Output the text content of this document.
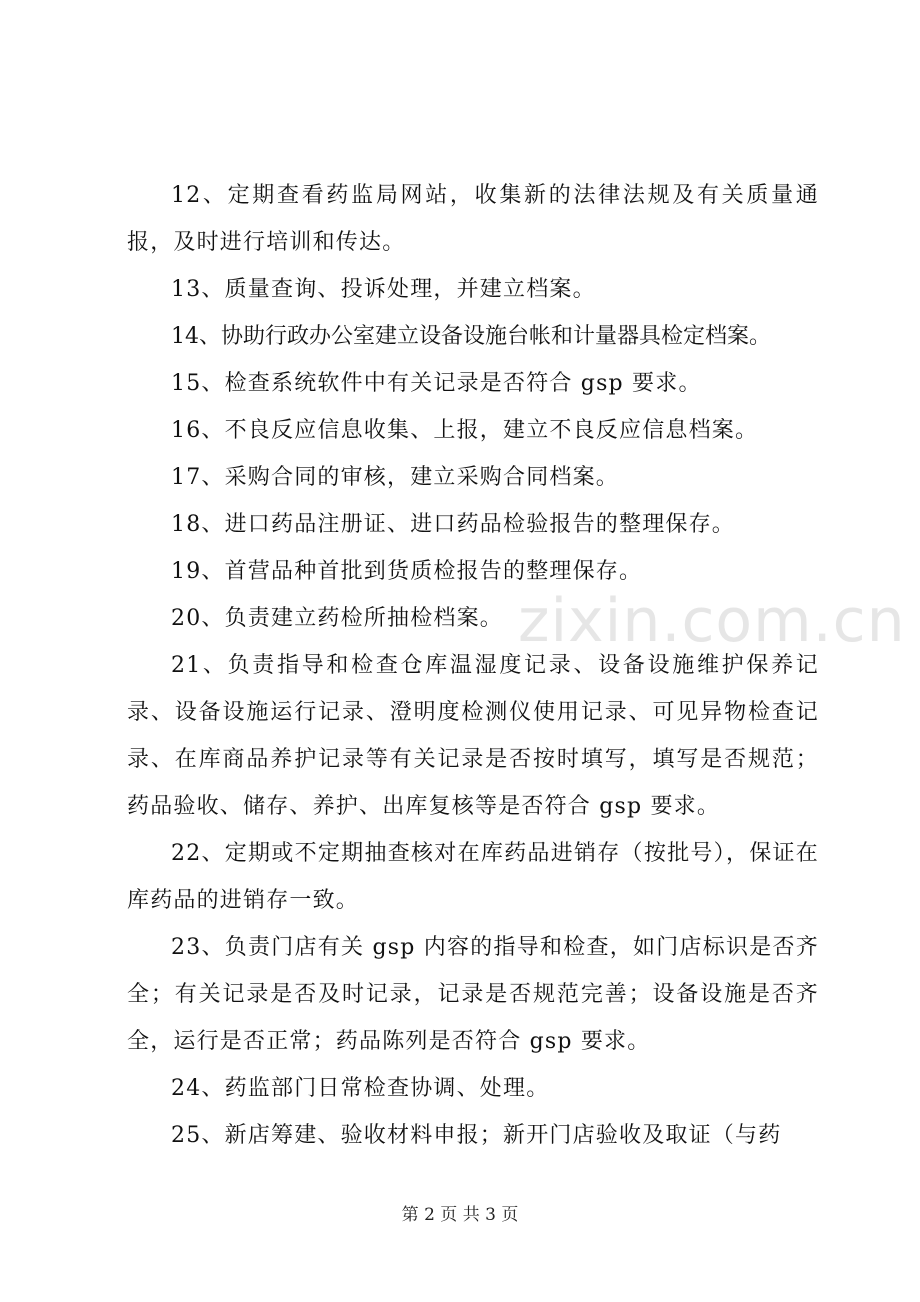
zixin.com.cn

12、定期查看药监局网站，收集新的法律法规及有关质量通报，及时进行培训和传达。

13、质量查询、投诉处理，并建立档案。

14、协助行政办公室建立设备设施台帐和计量器具检定档案。

15、检查系统软件中有关记录是否符合 gsp 要求。

16、不良反应信息收集、上报，建立不良反应信息档案。

17、采购合同的审核，建立采购合同档案。

18、进口药品注册证、进口药品检验报告的整理保存。

19、首营品种首批到货质检报告的整理保存。

20、负责建立药检所抽检档案。

21、负责指导和检查仓库温湿度记录、设备设施维护保养记录、设备设施运行记录、澄明度检测仪使用记录、可见异物检查记录、在库商品养护记录等有关记录是否按时填写，填写是否规范；药品验收、储存、养护、出库复核等是否符合 gsp 要求。

22、定期或不定期抽查核对在库药品进销存（按批号），保证在库药品的进销存一致。

23、负责门店有关 gsp 内容的指导和检查，如门店标识是否齐全；有关记录是否及时记录，记录是否规范完善；设备设施是否齐全，运行是否正常；药品陈列是否符合 gsp 要求。

24、药监部门日常检查协调、处理。

25、新店筹建、验收材料申报；新开门店验收及取证（与药

第 2 页 共 3 页
